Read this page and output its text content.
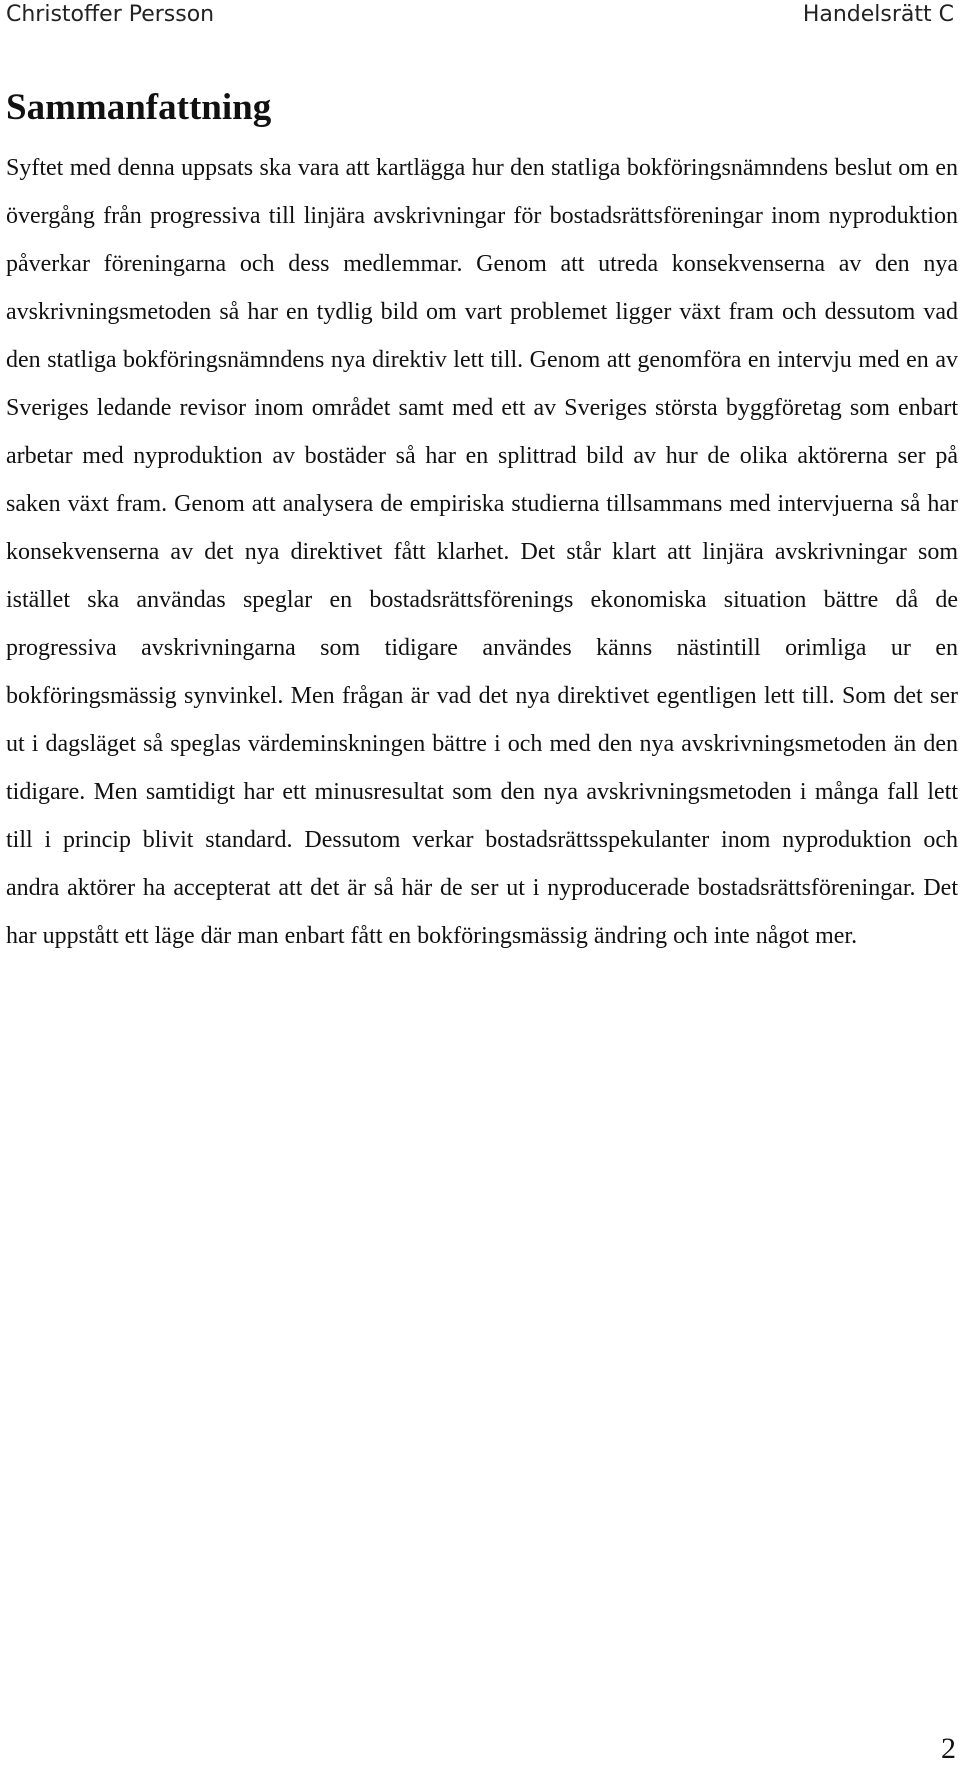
Christoffer Persson	Handelsrätt C
Sammanfattning

Syftet med denna uppsats ska vara att kartlägga hur den statliga bokföringsnämndens beslut om en övergång från progressiva till linjära avskrivningar för bostadsrättsföreningar inom nyproduktion påverkar föreningarna och dess medlemmar. Genom att utreda konsekvenserna av den nya avskrivningsmetoden så har en tydlig bild om vart problemet ligger växt fram och dessutom vad den statliga bokföringsnämndens nya direktiv lett till. Genom att genomföra en intervju med en av Sveriges ledande revisor inom området samt med ett av Sveriges största byggföretag som enbart arbetar med nyproduktion av bostäder så har en splittrad bild av hur de olika aktörerna ser på saken växt fram. Genom att analysera de empiriska studierna tillsammans med intervjuerna så har konsekvenserna av det nya direktivet fått klarhet. Det står klart att linjära avskrivningar som istället ska användas speglar en bostadsrättsförenings ekonomiska situation bättre då de progressiva avskrivningarna som tidigare användes känns nästintill orimliga ur en bokföringsmässig synvinkel. Men frågan är vad det nya direktivet egentligen lett till. Som det ser ut i dagsläget så speglas värdeminskningen bättre i och med den nya avskrivningsmetoden än den tidigare. Men samtidigt har ett minusresultat som den nya avskrivningsmetoden i många fall lett till i princip blivit standard. Dessutom verkar bostadsrättsspekulanter inom nyproduktion och andra aktörer ha accepterat att det är så här de ser ut i nyproducerade bostadsrättsföreningar. Det har uppstått ett läge där man enbart fått en bokföringsmässig ändring och inte något mer.

2
